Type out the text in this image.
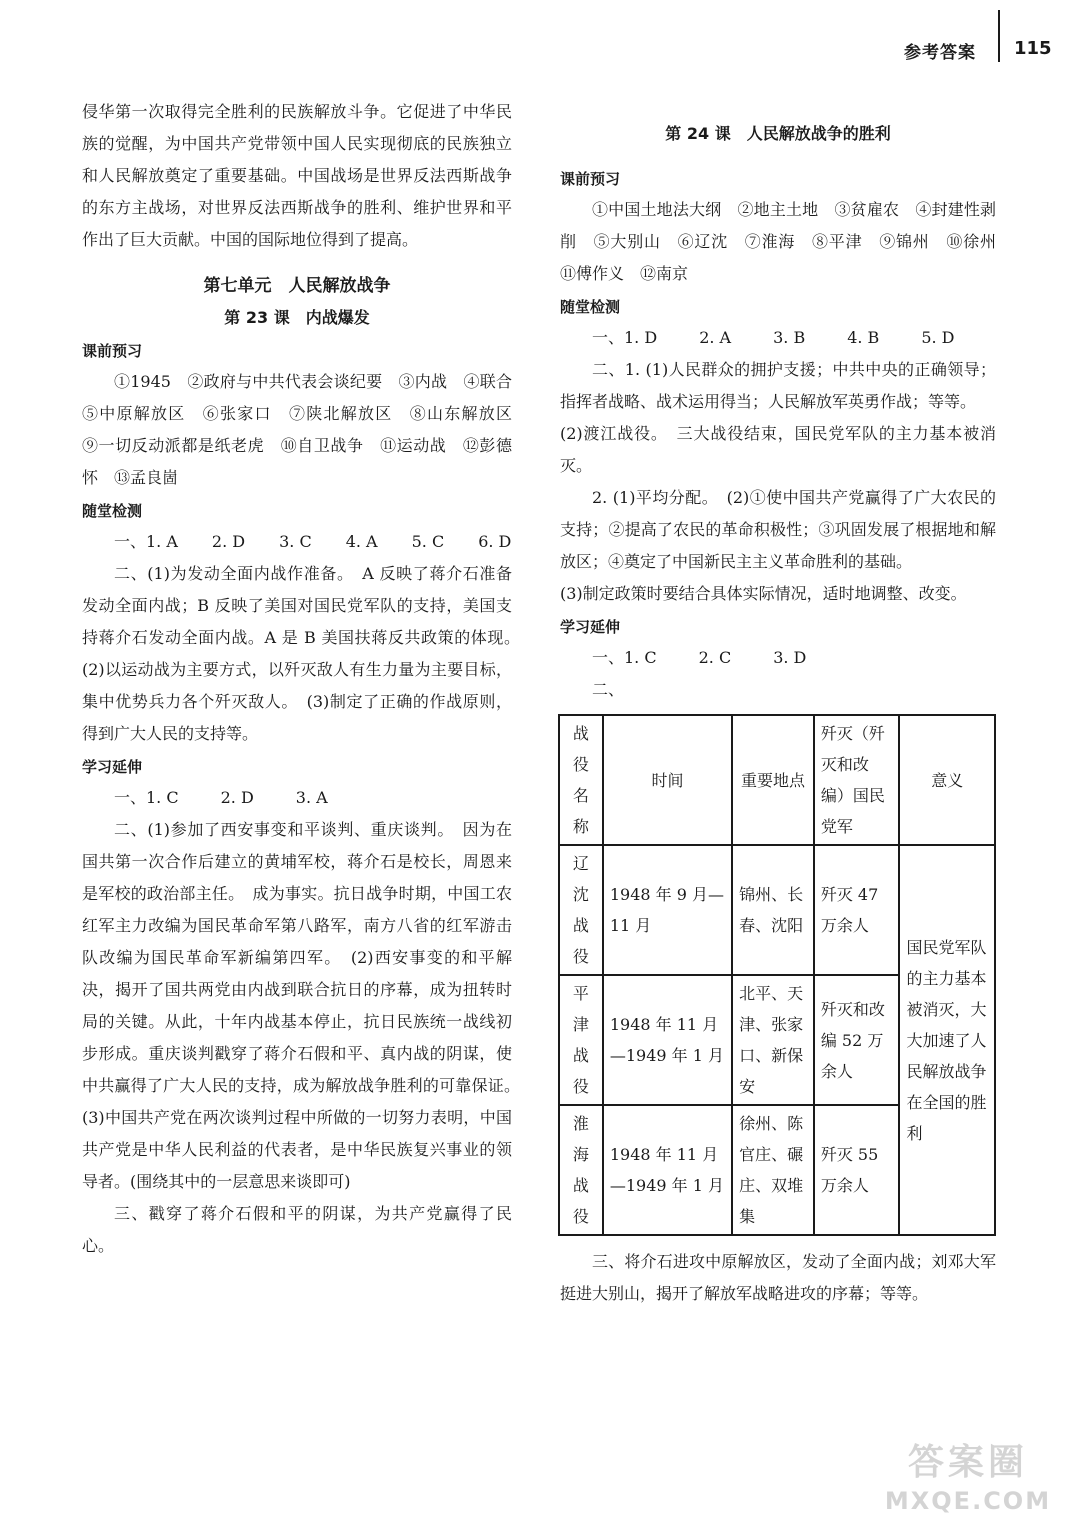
参考答案 115

侵华第一次取得完全胜利的民族解放斗争。它促进了中华民族的觉醒，为中国共产党带领中国人民实现彻底的民族独立和人民解放奠定了重要基础。中国战场是世界反法西斯战争的东方主战场，对世界反法西斯战争的胜利、维护世界和平作出了巨大贡献。中国的国际地位得到了提高。

第七单元　人民解放战争
第 23 课　内战爆发
课前预习

①1945　②政府与中共代表会谈纪要　③内战　④联合　⑤中原解放区　⑥张家口　⑦陕北解放区　⑧山东解放区　⑨一切反动派都是纸老虎　⑩自卫战争　⑪运动战　⑫彭德怀　⑬孟良崮

随堂检测
一、1. A 2. D 3. C 4. A 5. C 6. D

二、(1)为发动全面内战作准备。　A 反映了蒋介石准备发动全面内战；B 反映了美国对国民党军队的支持，美国支持蒋介石发动全面内战。A 是 B 美国扶蒋反共政策的体现。　(2)以运动战为主要方式，以歼灭敌人有生力量为主要目标，集中优势兵力各个歼灭敌人。　(3)制定了正确的作战原则，得到广大人民的支持等。

学习延伸
一、1. C	2. D	3. A

二、(1)参加了西安事变和平谈判、重庆谈判。　因为在国共第一次合作后建立的黄埔军校，蒋介石是校长，周恩来是军校的政治部主任。　成为事实。抗日战争时期，中国工农红军主力改编为国民革命军第八路军，南方八省的红军游击队改编为国民革命军新编第四军。　(2)西安事变的和平解决，揭开了国共两党由内战到联合抗日的序幕，成为扭转时局的关键。从此，十年内战基本停止，抗日民族统一战线初步形成。重庆谈判戳穿了蒋介石假和平、真内战的阴谋，使中共赢得了广大人民的支持，成为解放战争胜利的可靠保证。　(3)中国共产党在两次谈判过程中所做的一切努力表明，中国共产党是中华人民利益的代表者，是中华民族复兴事业的领导者。(围绕其中的一层意思来谈即可)

三、戳穿了蒋介石假和平的阴谋，为共产党赢得了民心。

第 24 课　人民解放战争的胜利
课前预习

①中国土地法大纲　②地主土地　③贫雇农　④封建性剥削　⑤大别山　⑥辽沈　⑦淮海　⑧平津　⑨锦州　⑩徐州　⑪傅作义　⑫南京

随堂检测
一、1. D	2. A	3. B	4. B	5. D

二、1. (1)人民群众的拥护支援；中共中央的正确领导；指挥者战略、战术运用得当；人民解放军英勇作战；等等。

(2)渡江战役。　三大战役结束，国民党军队的主力基本被消灭。

2. (1)平均分配。　(2)①使中国共产党赢得了广大农民的支持；②提高了农民的革命积极性；③巩固发展了根据地和解放区；④奠定了中国新民主主义革命胜利的基础。

(3)制定政策时要结合具体实际情况，适时地调整、改变。

学习延伸
一、1. C	2. C	3. D

二、

战役名称	时间	重要地点	歼灭（歼灭和改编）国民党军	意义
辽沈战役	1948 年 9 月—11 月	锦州、长春、沈阳	歼灭 47 万余人	国民党军队的主力基本被消灭，大大加速了人民解放战争在全国的胜利
平津战役	1948 年 11 月—1949 年 1 月	北平、天津、张家口、新保安	歼灭和改编 52 万余人	
淮海战役	1948 年 11 月—1949 年 1 月	徐州、陈官庄、碾庄、双堆集	歼灭 55 万余人	

三、将介石进攻中原解放区，发动了全面内战；刘邓大军挺进大别山，揭开了解放军战略进攻的序幕；等等。

答案圈
MXQE.COM
